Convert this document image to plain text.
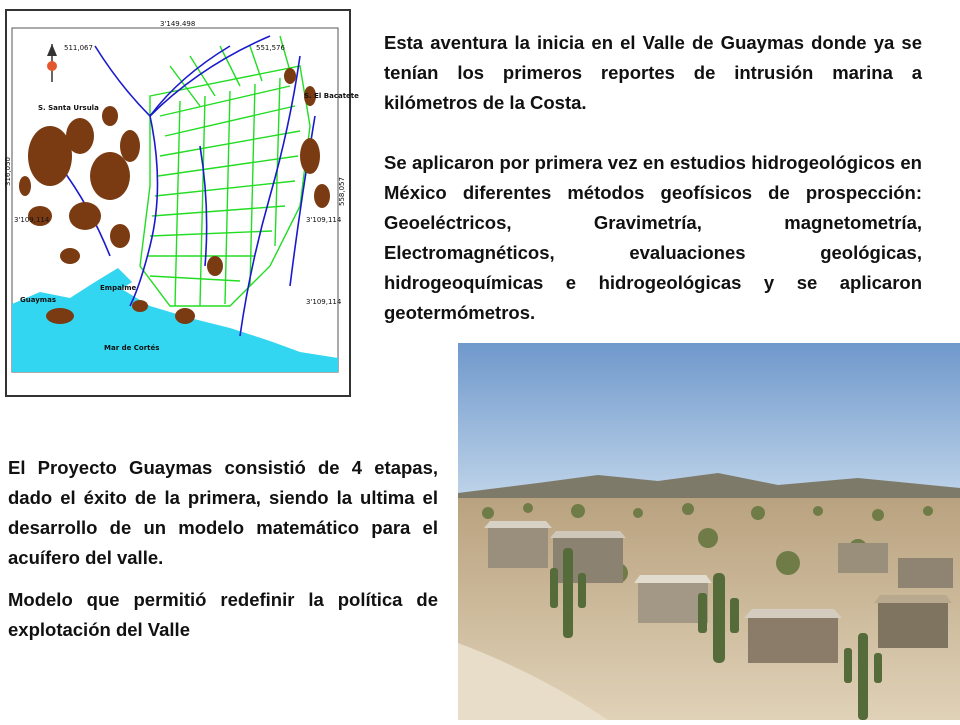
3'149.498
511,067	551,576
316,050
3'109,114
558,057
3'109,114
3'109,114
S. Santa Ursula
S. El Bacatete
Guaymas
Empalme
Mar de Cortés

Esta aventura la inicia en el Valle de Guaymas donde ya se tenían los primeros reportes de intrusión marina a kilómetros de la Costa.

Se aplicaron por primera vez en estudios hidrogeológicos en México diferentes métodos geofísicos de prospección: Geoeléctricos, Gravimetría, magnetometría, Electromagnéticos, evaluaciones geológicas, hidrogeoquímicas e hidrogeológicas y se aplicaron geotermómetros.

El Proyecto Guaymas consistió de 4 etapas, dado el éxito de la primera, siendo la ultima el desarrollo de un modelo matemático para el acuífero del valle.

Modelo que permitió redefinir la política de explotación del Valle
